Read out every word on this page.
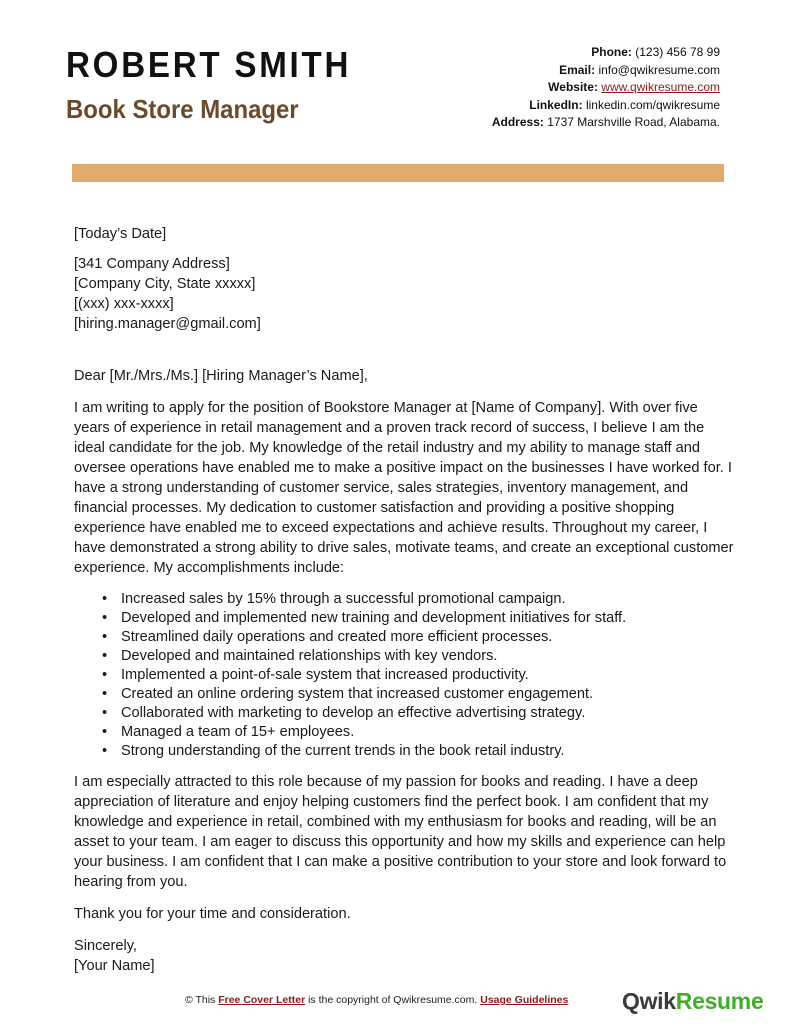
ROBERT SMITH
Book Store Manager
Phone: (123) 456 78 99
Email: info@qwikresume.com
Website: www.qwikresume.com
LinkedIn: linkedin.com/qwikresume
Address: 1737 Marshville Road, Alabama.

[Today’s Date]

[341 Company Address]

[Company City, State xxxxx]

[(xxx) xxx-xxxx]

[hiring.manager@gmail.com]

Dear [Mr./Mrs./Ms.] [Hiring Manager’s Name],

I am writing to apply for the position of Bookstore Manager at [Name of Company]. With over five years of experience in retail management and a proven track record of success, I believe I am the ideal candidate for the job. My knowledge of the retail industry and my ability to manage staff and oversee operations have enabled me to make a positive impact on the businesses I have worked for. I have a strong understanding of customer service, sales strategies, inventory management, and financial processes. My dedication to customer satisfaction and providing a positive shopping experience have enabled me to exceed expectations and achieve results. Throughout my career, I have demonstrated a strong ability to drive sales, motivate teams, and create an exceptional customer experience. My accomplishments include:

• Increased sales by 15% through a successful promotional campaign.
• Developed and implemented new training and development initiatives for staff.
• Streamlined daily operations and created more efficient processes.
• Developed and maintained relationships with key vendors.
• Implemented a point-of-sale system that increased productivity.
• Created an online ordering system that increased customer engagement.
• Collaborated with marketing to develop an effective advertising strategy.
• Managed a team of 15+ employees.
• Strong understanding of the current trends in the book retail industry.

I am especially attracted to this role because of my passion for books and reading. I have a deep appreciation of literature and enjoy helping customers find the perfect book. I am confident that my knowledge and experience in retail, combined with my enthusiasm for books and reading, will be an asset to your team. I am eager to discuss this opportunity and how my skills and experience can help your business. I am confident that I can make a positive contribution to your store and look forward to hearing from you.

Thank you for your time and consideration.

Sincerely,

[Your Name]

© This Free Cover Letter is the copyright of Qwikresume.com. Usage Guidelines QwikResume
